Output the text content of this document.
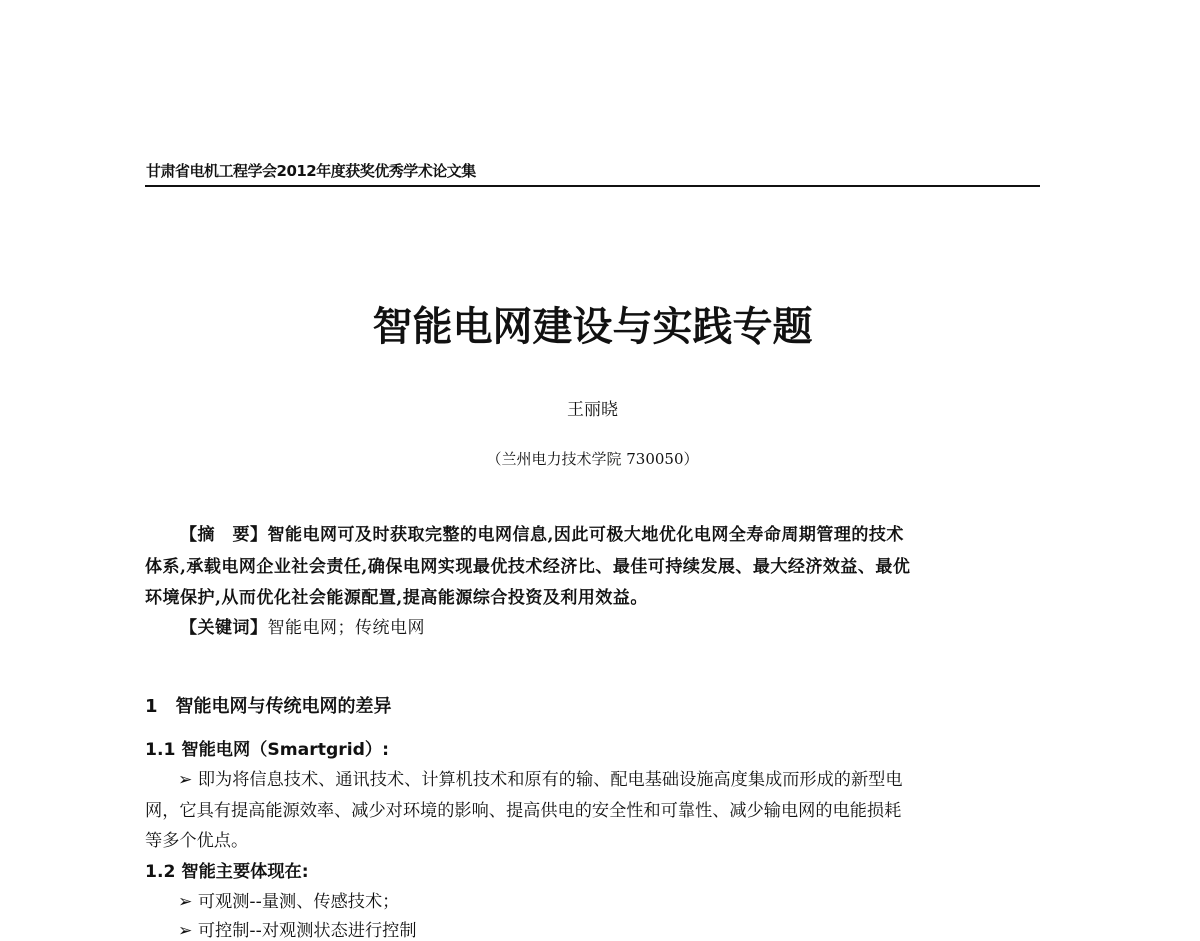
甘肃省电机工程学会2012年度获奖优秀学术论文集
智能电网建设与实践专题
王丽晓
（兰州电力技术学院 730050）
【摘　要】智能电网可及时获取完整的电网信息,因此可极大地优化电网全寿命周期管理的技术
体系,承载电网企业社会责任,确保电网实现最优技术经济比、最佳可持续发展、最大经济效益、最优
环境保护,从而优化社会能源配置,提高能源综合投资及利用效益。
【关键词】智能电网；传统电网
1　智能电网与传统电网的差异
1.1 智能电网（Smartgrid）:
➢ 即为将信息技术、通讯技术、计算机技术和原有的输、配电基础设施高度集成而形成的新型电
网，它具有提高能源效率、减少对环境的影响、提高供电的安全性和可靠性、减少输电网的电能损耗
等多个优点。
1.2 智能主要体现在:
➢ 可观测--量测、传感技术；
➢ 可控制--对观测状态进行控制
